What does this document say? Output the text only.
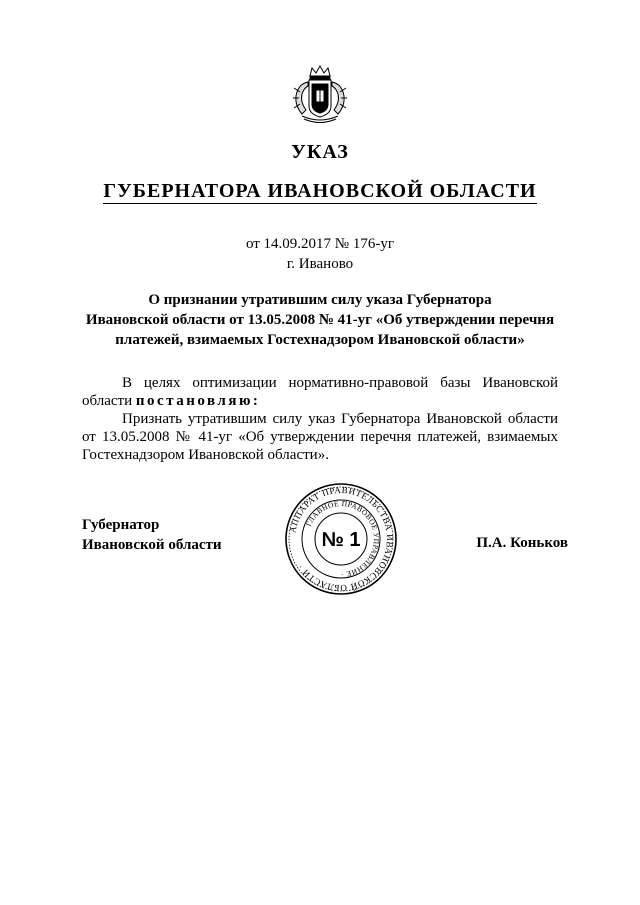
УКАЗ
ГУБЕРНАТОРА ИВАНОВСКОЙ ОБЛАСТИ
от 14.09.2017 № 176-уг
г. Иваново
О признании утратившим силу указа Губернатора
Ивановской области от 13.05.2008 № 41-уг «Об утверждении перечня
платежей, взимаемых Гостехнадзором Ивановской области»

В целях оптимизации нормативно-правовой базы Ивановской

области постановляю:

Признать утратившим силу указ Губернатора Ивановской области

от 13.05.2008 № 41-уг «Об утверждении перечня платежей, взимаемых

Гостехнадзором Ивановской области».

Губернатор
Ивановской области	П.А. Коньков
АППАРАТ ПРАВИТЕЛЬСТВА ИВАНОВСКОЙ ОБЛАСТИ ·
ГЛАВНОЕ ПРАВОВОЕ УПРАВЛЕНИЕ ·
№ 1
